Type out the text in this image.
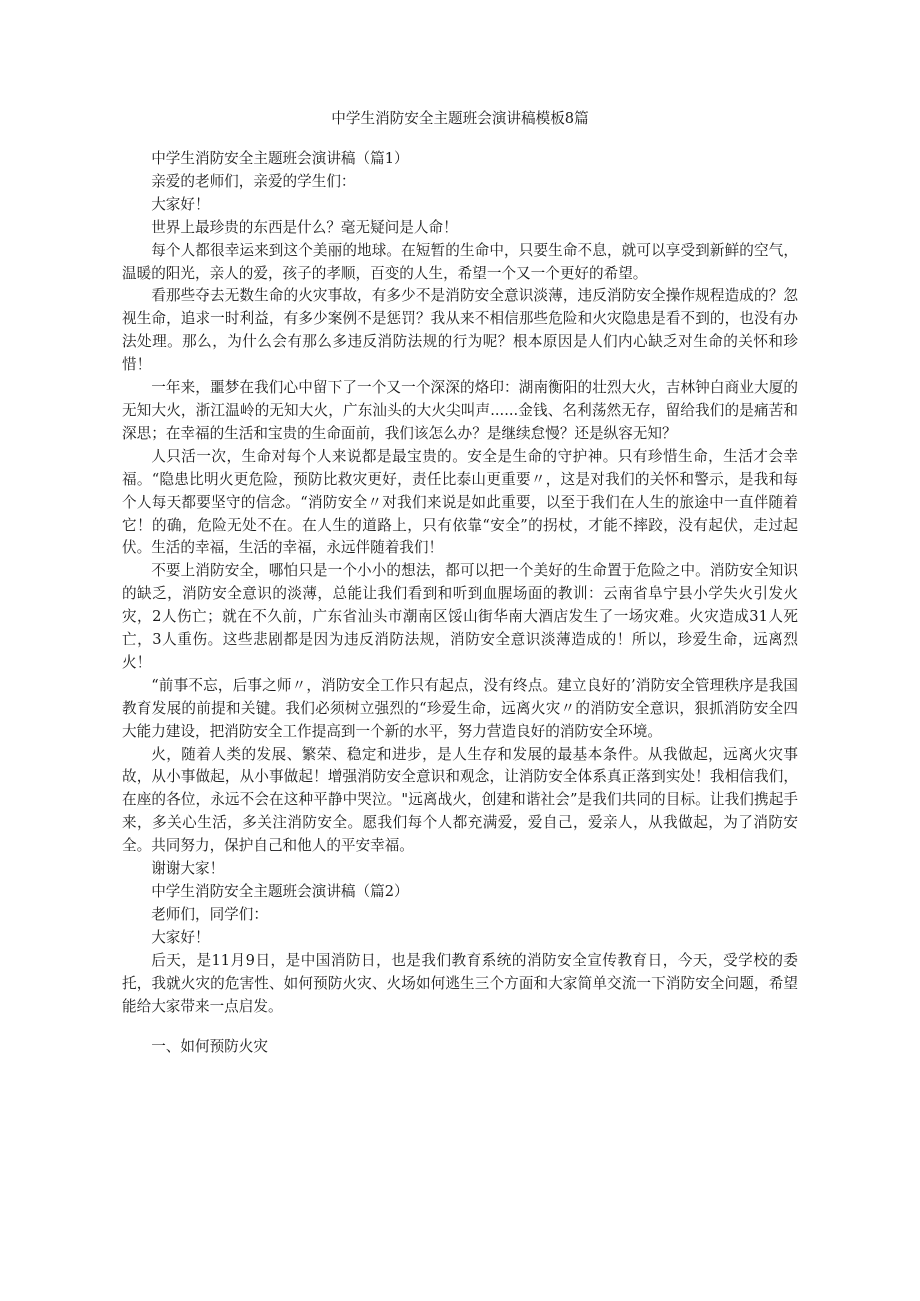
中学生消防安全主题班会演讲稿模板8篇

中学生消防安全主题班会演讲稿（篇1）

亲爱的老师们，亲爱的学生们：

大家好！

世界上最珍贵的东西是什么？毫无疑问是人命！

每个人都很幸运来到这个美丽的地球。在短暂的生命中，只要生命不息，就可以享受到新鲜的空气，温暖的阳光，亲人的爱，孩子的孝顺，百变的人生，希望一个又一个更好的希望。

看那些夺去无数生命的火灾事故，有多少不是消防安全意识淡薄，违反消防安全操作规程造成的？忽视生命，追求一时利益，有多少案例不是惩罚？我从来不相信那些危险和火灾隐患是看不到的，也没有办法处理。那么，为什么会有那么多违反消防法规的行为呢？根本原因是人们内心缺乏对生命的关怀和珍惜！

一年来，噩梦在我们心中留下了一个又一个深深的烙印：湖南衡阳的壮烈大火，吉林钟白商业大厦的无知大火，浙江温岭的无知大火，广东汕头的大火尖叫声......金钱、名利荡然无存，留给我们的是痛苦和深思；在幸福的生活和宝贵的生命面前，我们该怎么办？是继续怠慢？还是纵容无知？

人只活一次，生命对每个人来说都是最宝贵的。安全是生命的守护神。只有珍惜生命，生活才会幸福。“隐患比明火更危险，预防比救灾更好，责任比泰山更重要〃，这是对我们的关怀和警示，是我和每个人每天都要坚守的信念。“消防安全〃对我们来说是如此重要，以至于我们在人生的旅途中一直伴随着它！的确，危险无处不在。在人生的道路上，只有依靠“安全”的拐杖，才能不摔跤，没有起伏，走过起伏。生活的幸福，生活的幸福，永远伴随着我们！

不要上消防安全，哪怕只是一个小小的想法，都可以把一个美好的生命置于危险之中。消防安全知识的缺乏，消防安全意识的淡薄，总能让我们看到和听到血腥场面的教训：云南省阜宁县小学失火引发火灾，2人伤亡；就在不久前，广东省汕头市潮南区馁山街华南大酒店发生了一场灾难。火灾造成31人死亡，3人重伤。这些悲剧都是因为违反消防法规，消防安全意识淡薄造成的！所以，珍爱生命，远离烈火！

“前事不忘，后事之师〃，消防安全工作只有起点，没有终点。建立良好的’消防安全管理秩序是我国教育发展的前提和关键。我们必须树立强烈的“珍爱生命，远离火灾〃的消防安全意识，狠抓消防安全四大能力建设，把消防安全工作提高到一个新的水平，努力营造良好的消防安全环境。

火，随着人类的发展、繁荣、稳定和进步，是人生存和发展的最基本条件。从我做起，远离火灾事故，从小事做起，从小事做起！增强消防安全意识和观念，让消防安全体系真正落到实处！我相信我们，在座的各位，永远不会在这种平静中哭泣。"远离战火，创建和谐社会”是我们共同的目标。让我们携起手来，多关心生活，多关注消防安全。愿我们每个人都充满爱，爱自己，爱亲人，从我做起，为了消防安全。共同努力，保护自己和他人的平安幸福。

谢谢大家！

中学生消防安全主题班会演讲稿（篇2）

老师们，同学们：

大家好！

后天，是11月9日，是中国消防日，也是我们教育系统的消防安全宣传教育日，今天，受学校的委托，我就火灾的危害性、如何预防火灾、火场如何逃生三个方面和大家简单交流一下消防安全问题，希望能给大家带来一点启发。

一、如何预防火灾
